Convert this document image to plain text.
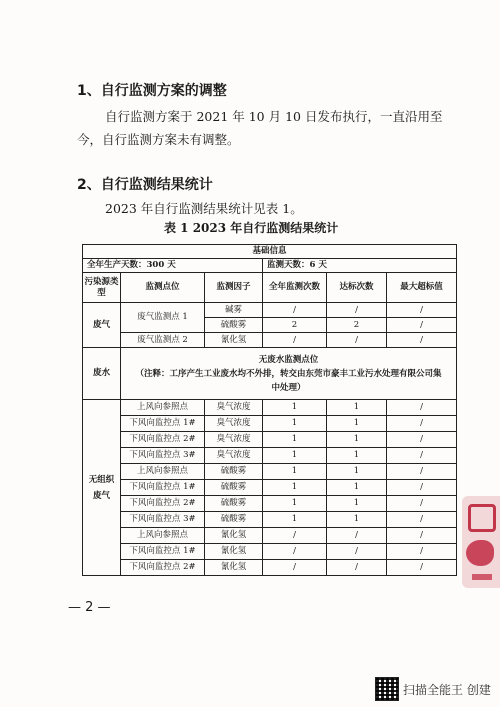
1、自行监测方案的调整
自行监测方案于 2021 年 10 月 10 日发布执行，一直沿用至
今，自行监测方案未有调整。
2、自行监测结果统计
2023 年自行监测结果统计见表 1。
表 1 2023 年自行监测结果统计
基础信息					
全年生产天数：300 天			监测天数：6 天		
污染源类型	监测点位	监测因子	全年监测次数	达标次数	最大超标值
废气	废气监测点 1	碱雾	/	/	/
		硫酸雾	2	2	/
	废气监测点 2	氰化氢	/	/	/
废水	无废水监测点位
（注释：工序产生工业废水均不外排，转交由东莞市豪丰工业污水处理有限公司集
中处理）				

无组织
废气	上风向参照点	臭气浓度	1	1	/
	下风向监控点 1#	臭气浓度	1	1	/
	下风向监控点 2#	臭气浓度	1	1	/
	下风向监控点 3#	臭气浓度	1	1	/
	上风向参照点	硫酸雾	1	1	/
	下风向监控点 1#	硫酸雾	1	1	/
	下风向监控点 2#	硫酸雾	1	1	/
	下风向监控点 3#	硫酸雾	1	1	/
	上风向参照点	氰化氢	/	/	/
	下风向监控点 1#	氰化氢	/	/	/
	下风向监控点 2#	氰化氢	/	/	/
— 2 —
扫描全能王 创建
